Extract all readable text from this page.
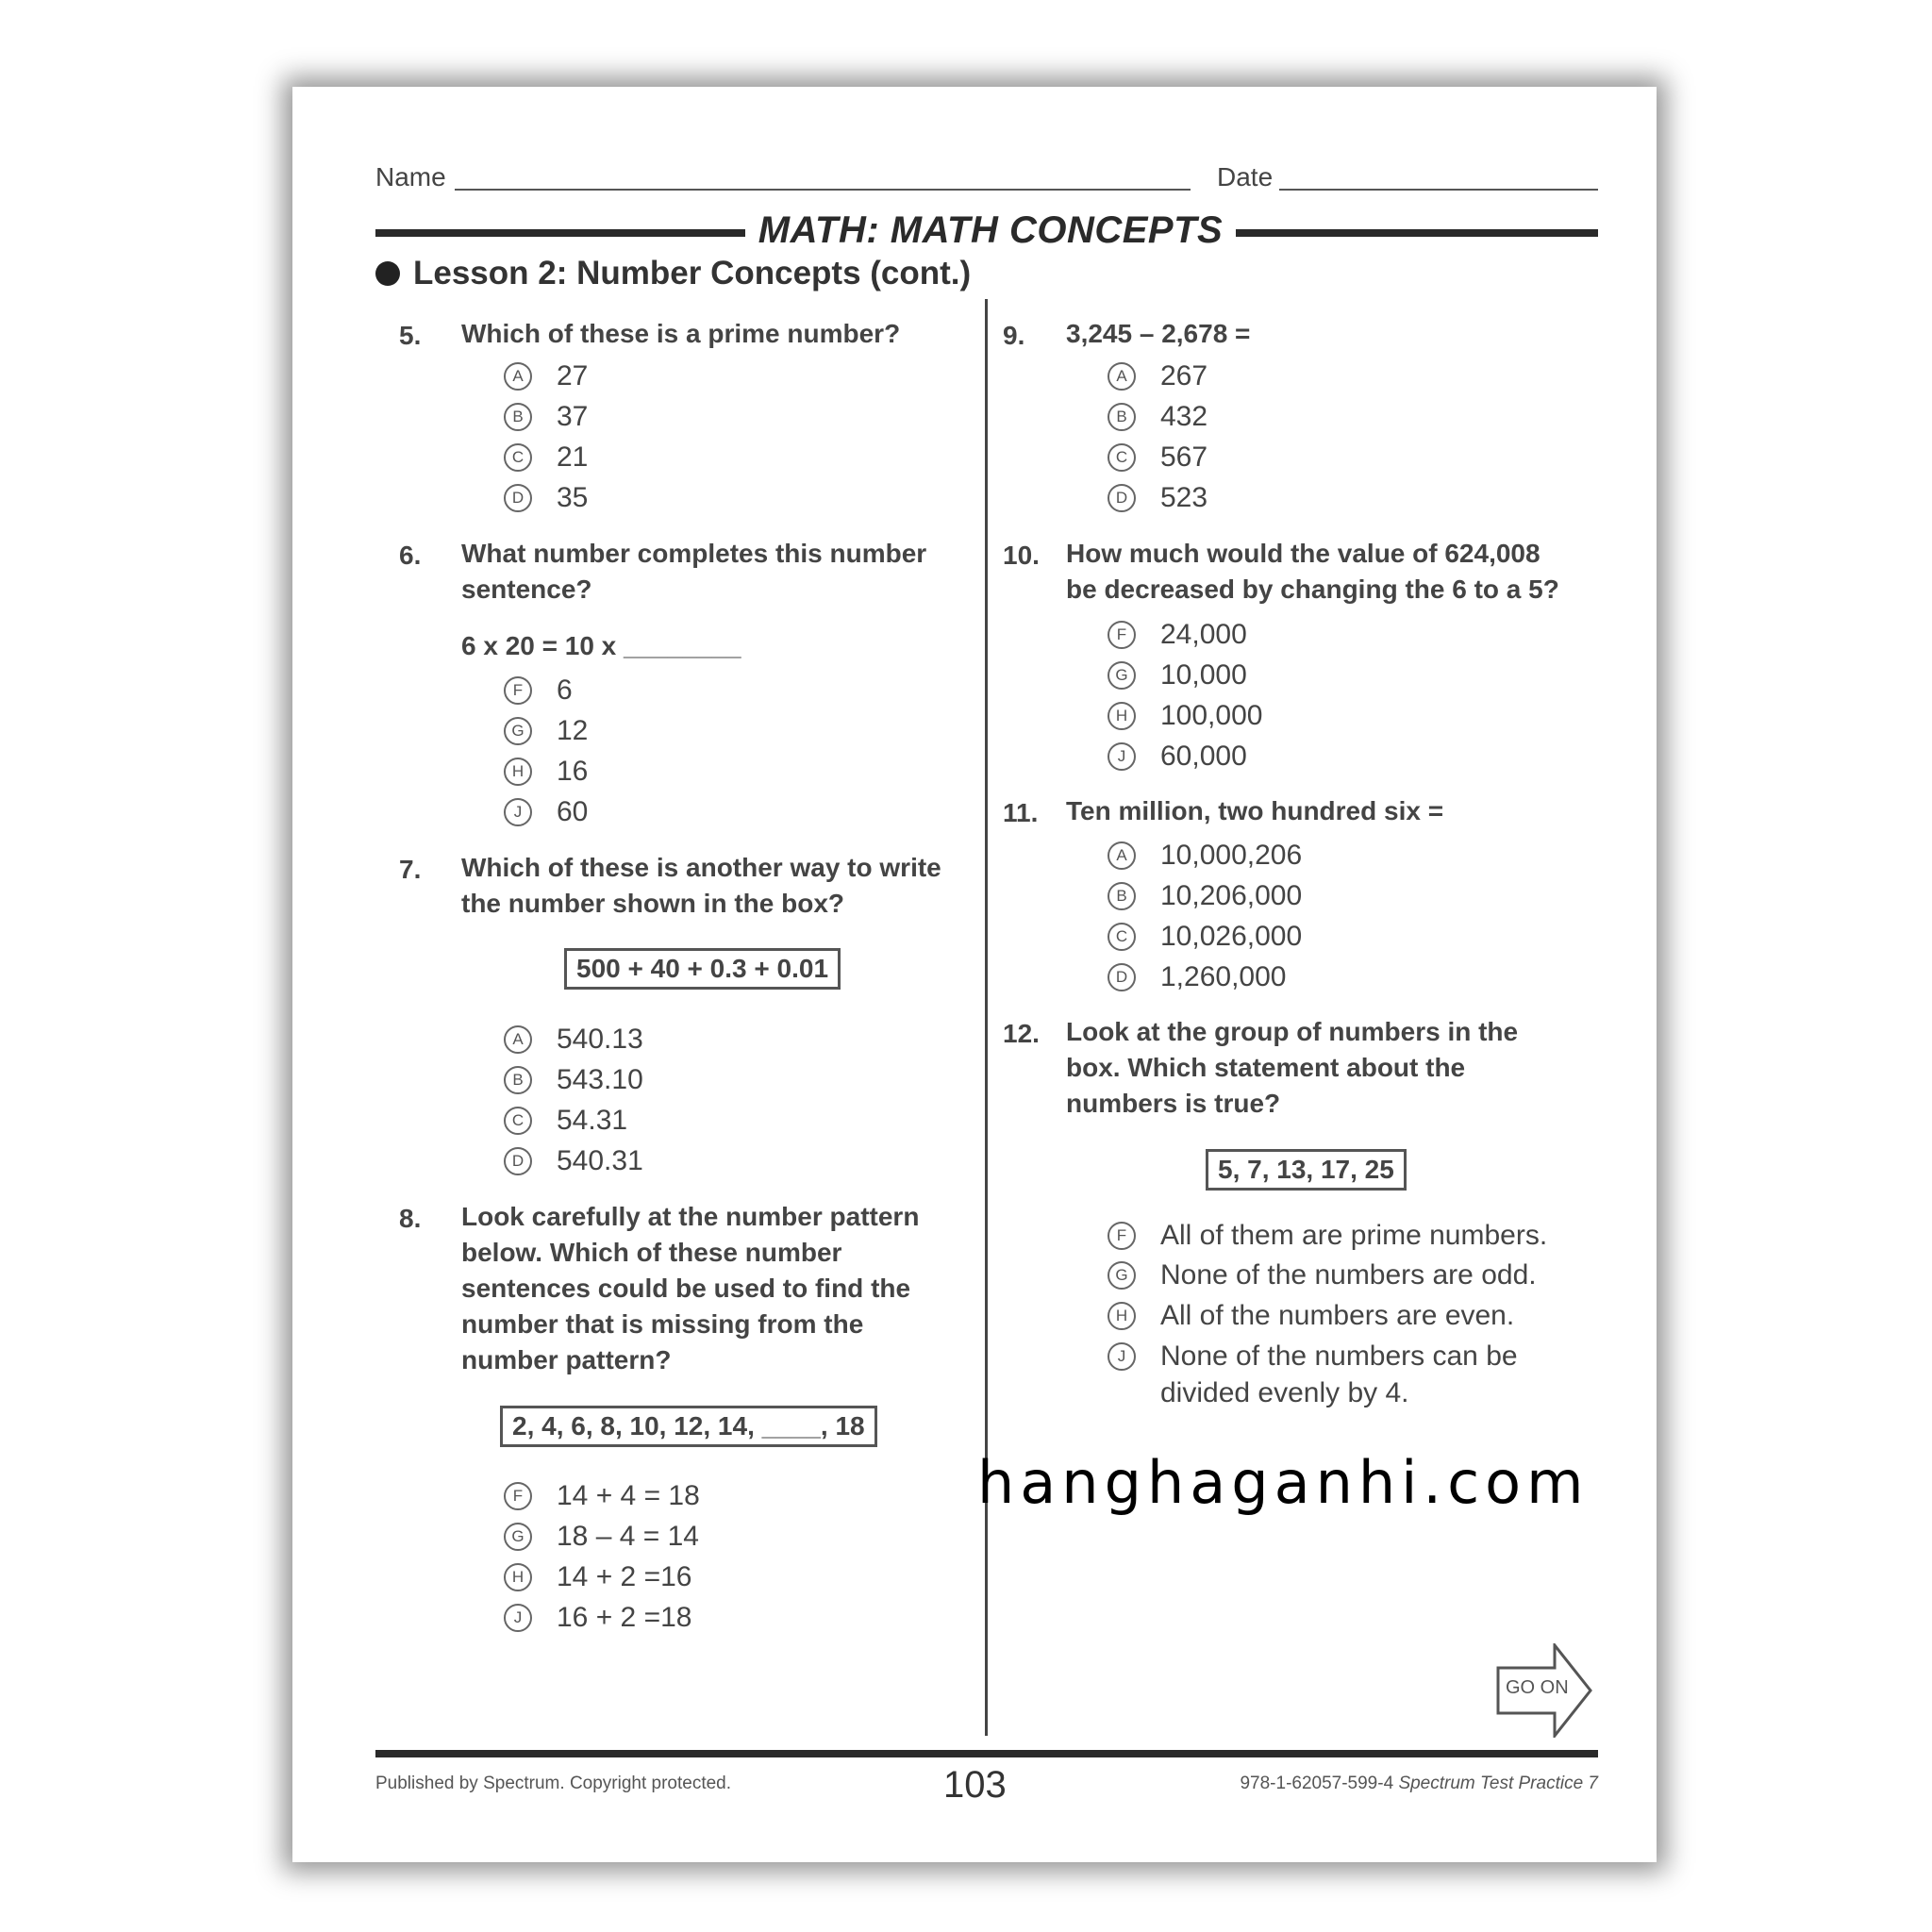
Name	Date
MATH: MATH CONCEPTS
Lesson 2: Number Concepts (cont.)
5. Which of these is a prime number?
A	27
B	37
C 21
D 35
6. What number completes this number
sentence?
6 x 20 = 10 x ________
F	6
G 12
H 16
J	60
7. Which of these is another way to write
the number shown in the box?
500 + 40 + 0.3 + 0.01
A	540.13
B	543.10
C 54.31
D 540.31
8. Look carefully at the number pattern
below. Which of these number
sentences could be used to find the
number that is missing from the
number pattern?
2, 4, 6, 8, 10, 12, 14, ____, 18
F	14 + 4 = 18
G 18 – 4 = 14
H 14 + 2 =16
J	16 + 2 =18
9. 3,245 – 2,678 =
A	267
B	432
C 567
D 523
10. How much would the value of 624,008
be decreased by changing the 6 to a 5?
F	24,000
G 10,000
H 100,000
J	60,000
11. Ten million, two hundred six =
A	10,000,206
B	10,206,000
C 10,026,000
D 1,260,000
12. Look at the group of numbers in the
box. Which statement about the
numbers is true?
5, 7, 13, 17, 25
F	All of them are prime numbers.
G None of the numbers are odd.
H All of the numbers are even.
J	None of the numbers can be
divided evenly by 4.
GO ON
Published by Spectrum. Copyright protected.	103	978-1-62057-599-4 Spectrum Test Practice 7
hanghaganhi.com
